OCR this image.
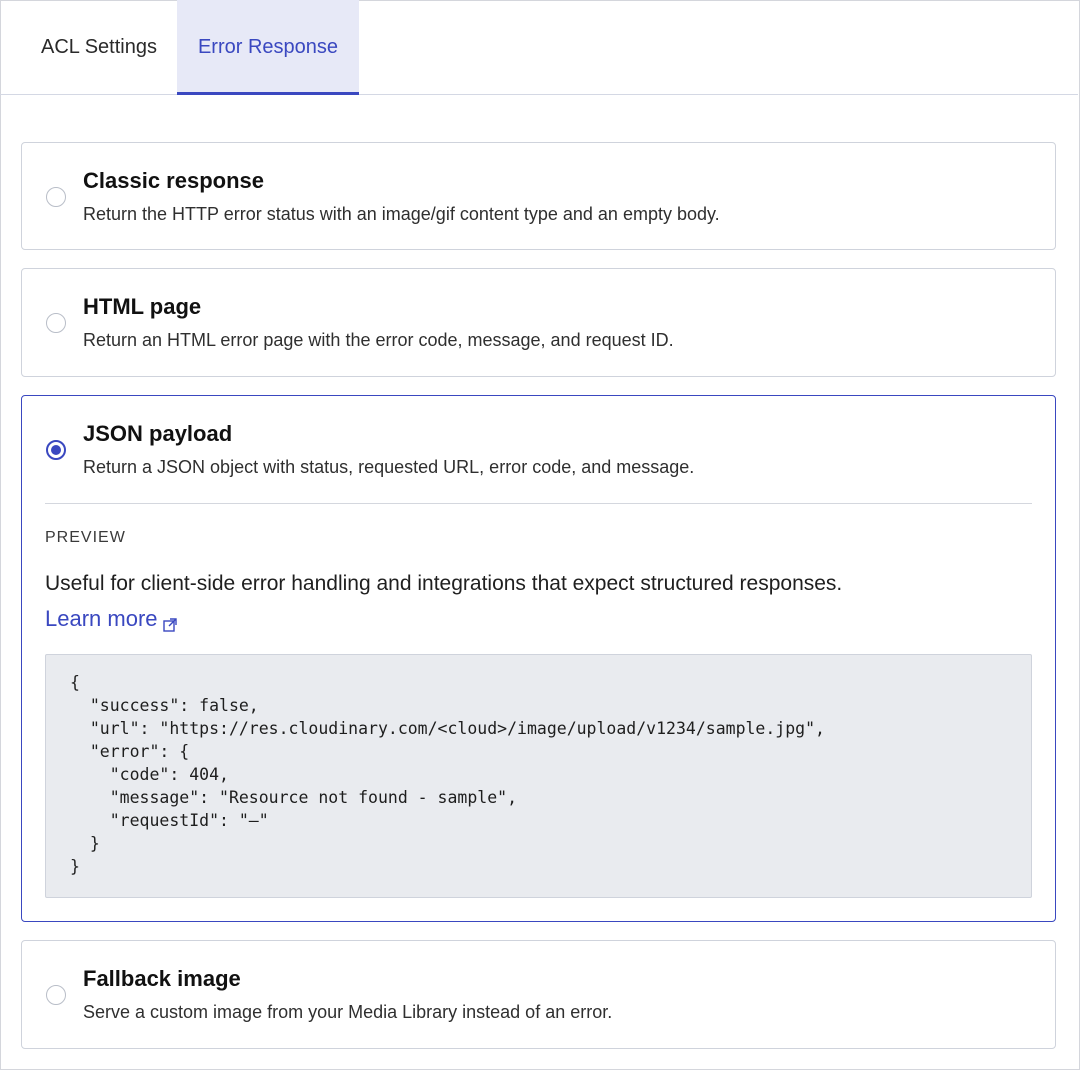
ACL Settings	Error Response
Classic response
Return the HTTP error status with an image/gif content type and an empty body.
HTML page
Return an HTML error page with the error code, message, and request ID.
JSON payload
Return a JSON object with status, requested URL, error code, and message.
PREVIEW
Useful for client-side error handling and integrations that expect structured responses.
Learn more
{
"success": false,
"url": "https://res.cloudinary.com/<cloud>/image/upload/v1234/sample.jpg",
"error": {
"code": 404,
"message": "Resource not found - sample",
"requestId": "—"
}
}
Fallback image
Serve a custom image from your Media Library instead of an error.
